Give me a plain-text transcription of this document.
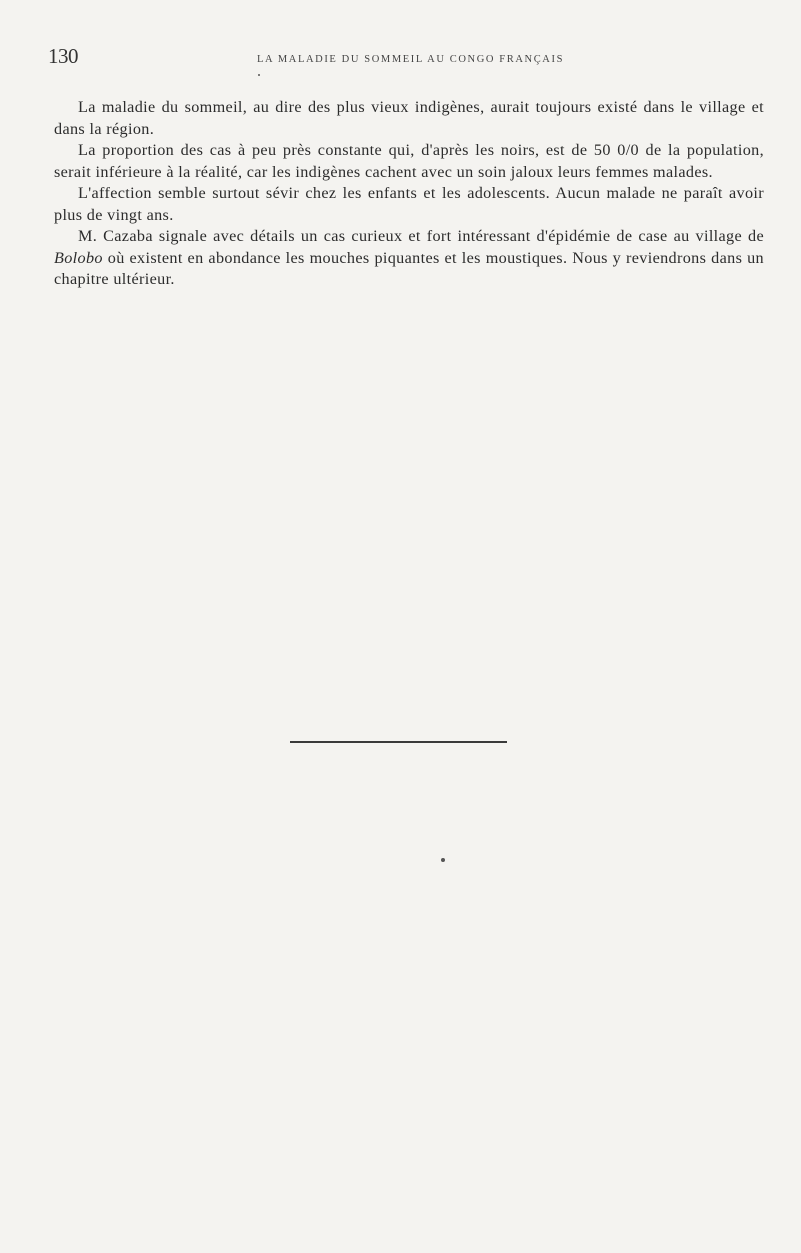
130	LA MALADIE DU SOMMEIL AU CONGO FRANÇAIS

La maladie du sommeil, au dire des plus vieux indigènes, aurait toujours existé dans le village et dans la région.

La proportion des cas à peu près constante qui, d'après les noirs, est de 50 0/0 de la population, serait inférieure à la réalité, car les indigènes cachent avec un soin jaloux leurs femmes malades.

L'affection semble surtout sévir chez les enfants et les adolescents. Aucun malade ne paraît avoir plus de vingt ans.

M. Cazaba signale avec détails un cas curieux et fort intéressant d'épidémie de case au village de Bolobo où existent en abondance les mouches piquantes et les moustiques. Nous y reviendrons dans un chapitre ultérieur.
